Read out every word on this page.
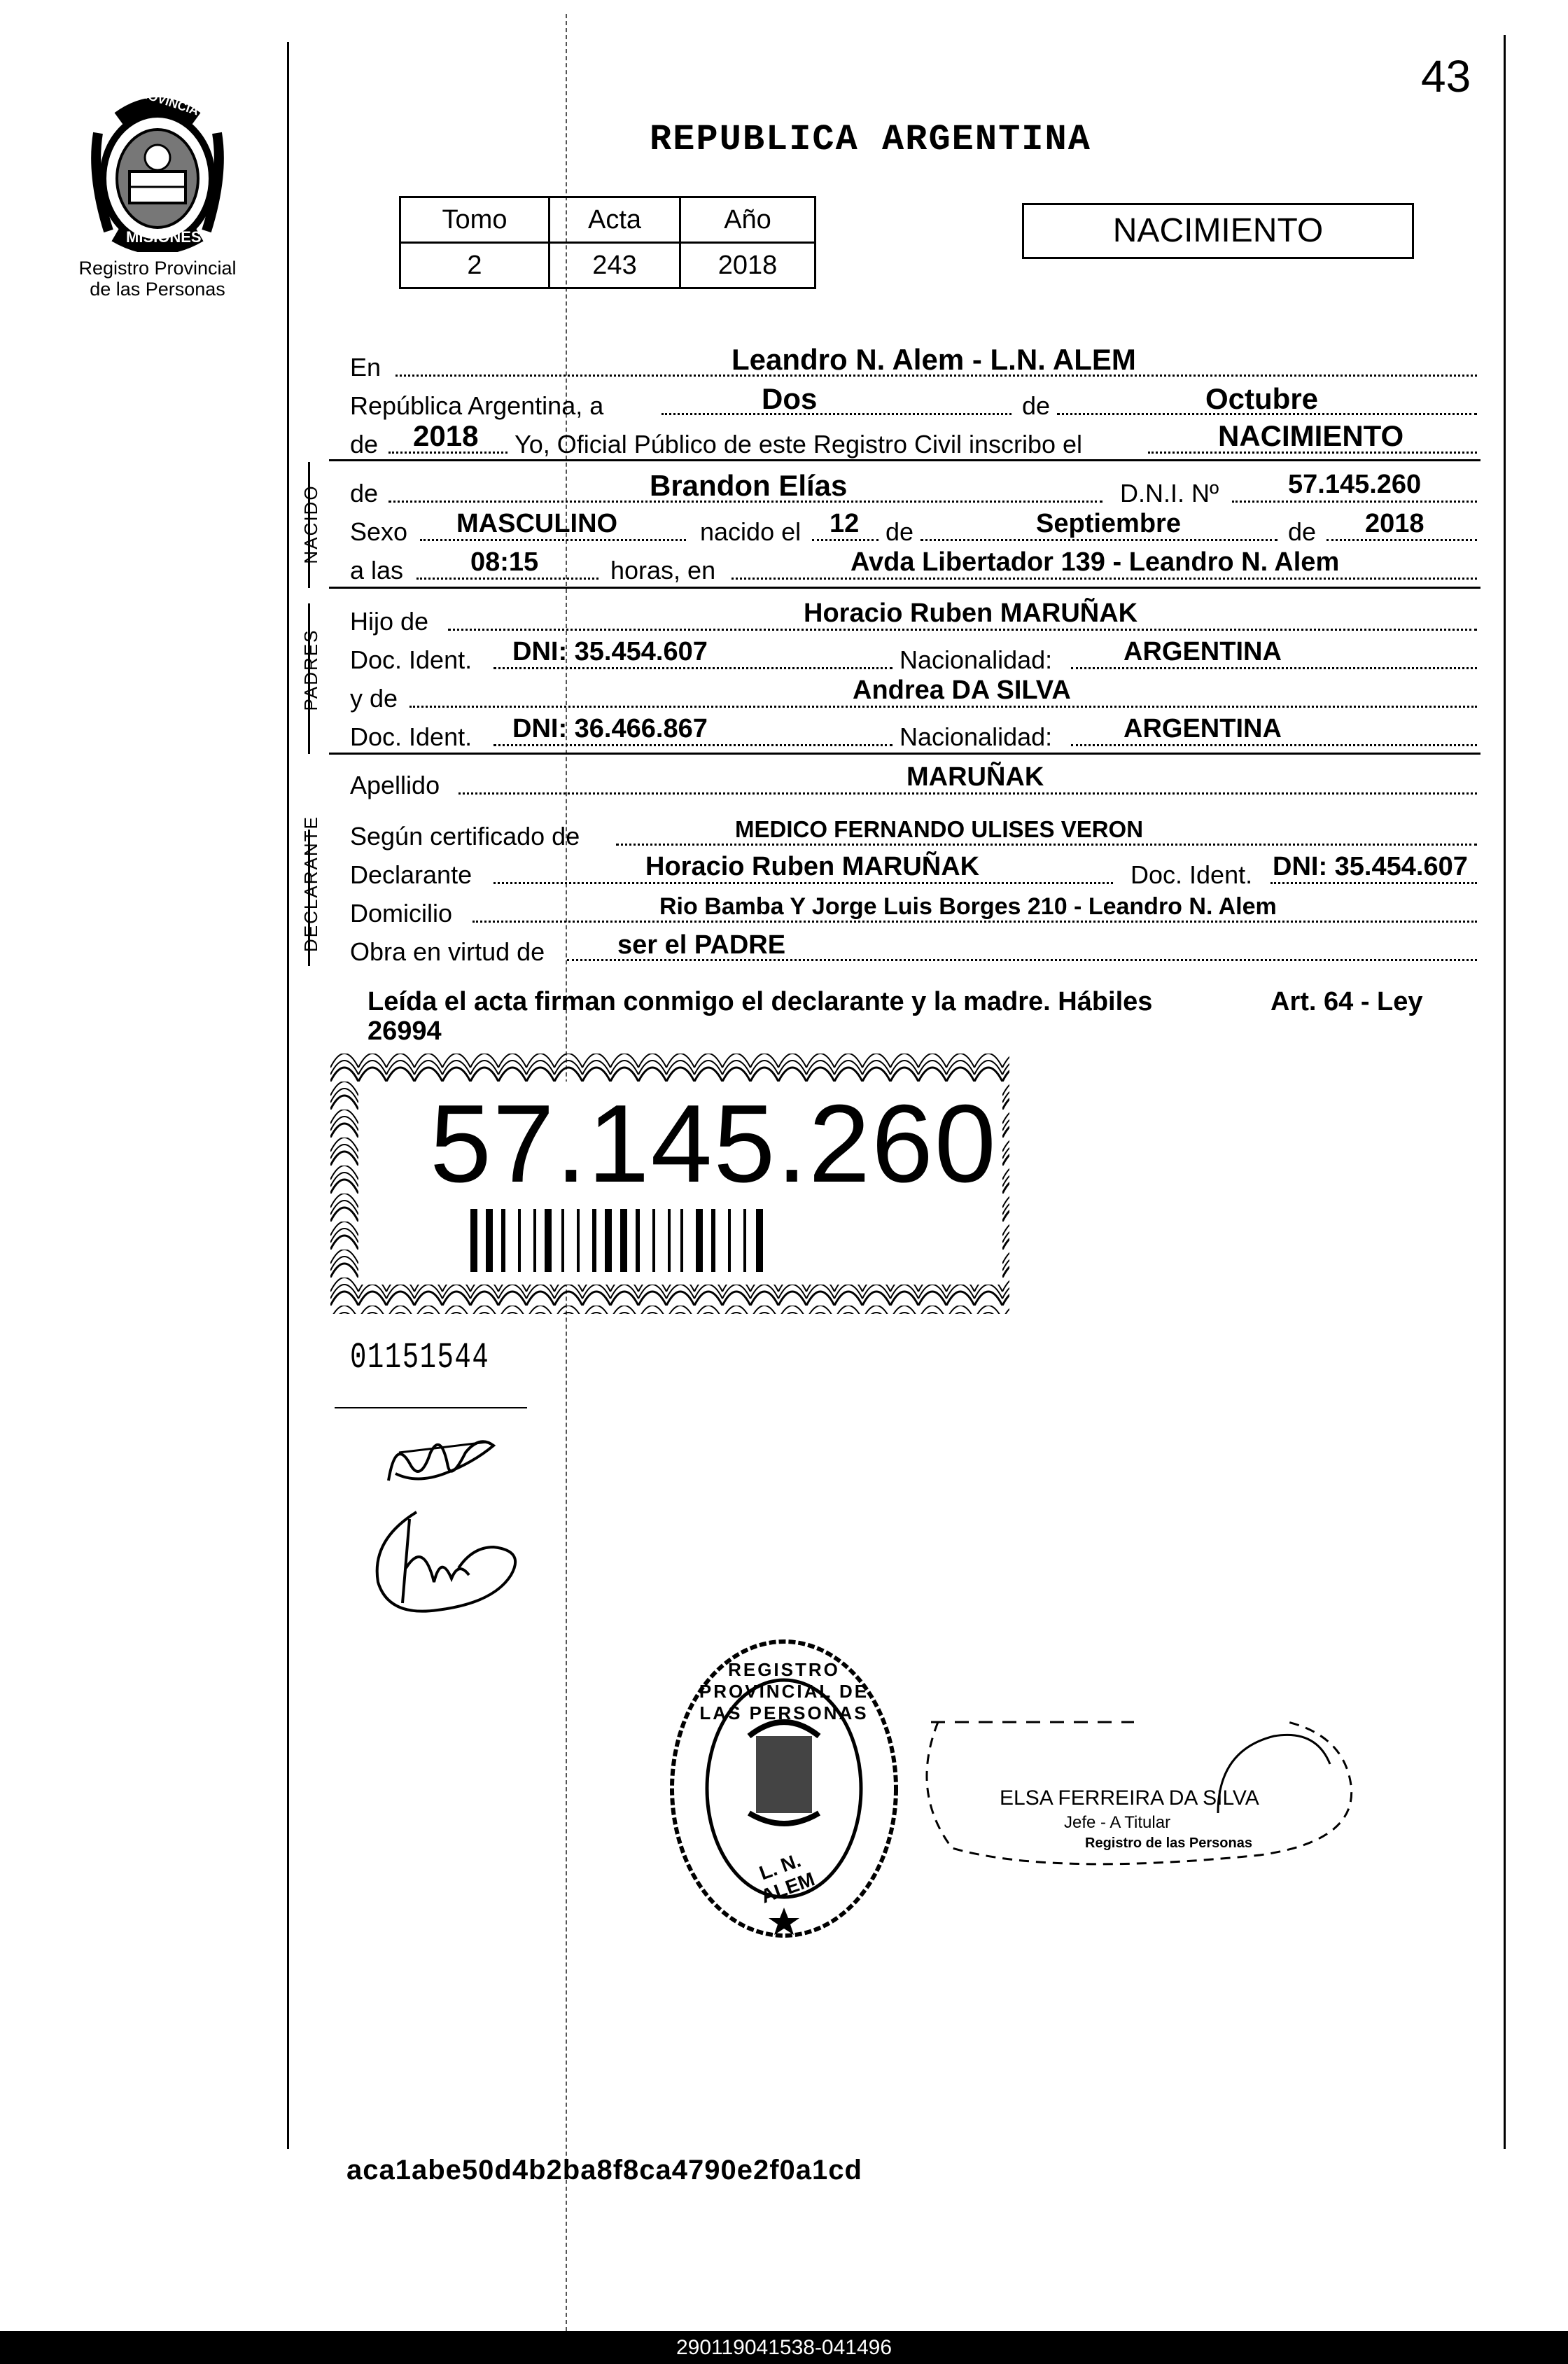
43
PROVINCIA DE
MISIONES
Registro Provincial
de las Personas
REPUBLICA ARGENTINA
Tomo	Acta	Año
2	243	2018
NACIMIENTO
En	Leandro N. Alem - L.N. ALEM
República Argentina, a	Dos	de	Octubre
de 2018 Yo, Oficial Público de este Registro Civil inscribo el	NACIMIENTO
NACIDO de	Brandon Elías	D.N.I. Nº	57.145.260
Sexo MASCULINO	nacido el 12 de	Septiembre	de 2018
a las	08:15	horas, en	Avda Libertador 139 - Leandro N. Alem
PADRES
Hijo de	Horacio Ruben MARUÑAK
Doc. Ident. DNI: 35.454.607	Nacionalidad:	ARGENTINA
y de	Andrea DA SILVA
Doc. Ident. DNI: 36.466.867	Nacionalidad:	ARGENTINA
Apellido	MARUÑAK
DECLARANTE Según certificado de	MEDICO FERNANDO ULISES VERON
Declarante	Horacio Ruben MARUÑAK	Doc. Ident. DNI: 35.454.607
Domicilio	Rio Bamba Y Jorge Luis Borges 210 - Leandro N. Alem
Obra en virtud de	ser el PADRE
Leída el acta firman conmigo el declarante y la madre. Hábiles	Art. 64 - Ley
26994
57.145.260
01151544
REGISTRO PROVINCIAL DE LAS PERSONAS
L. N. ALEM
ELSA FERREIRA DA SILVA
Jefe - A Titular
Registro de las Personas
aca1abe50d4b2ba8f8ca4790e2f0a1cd
290119041538-041496
